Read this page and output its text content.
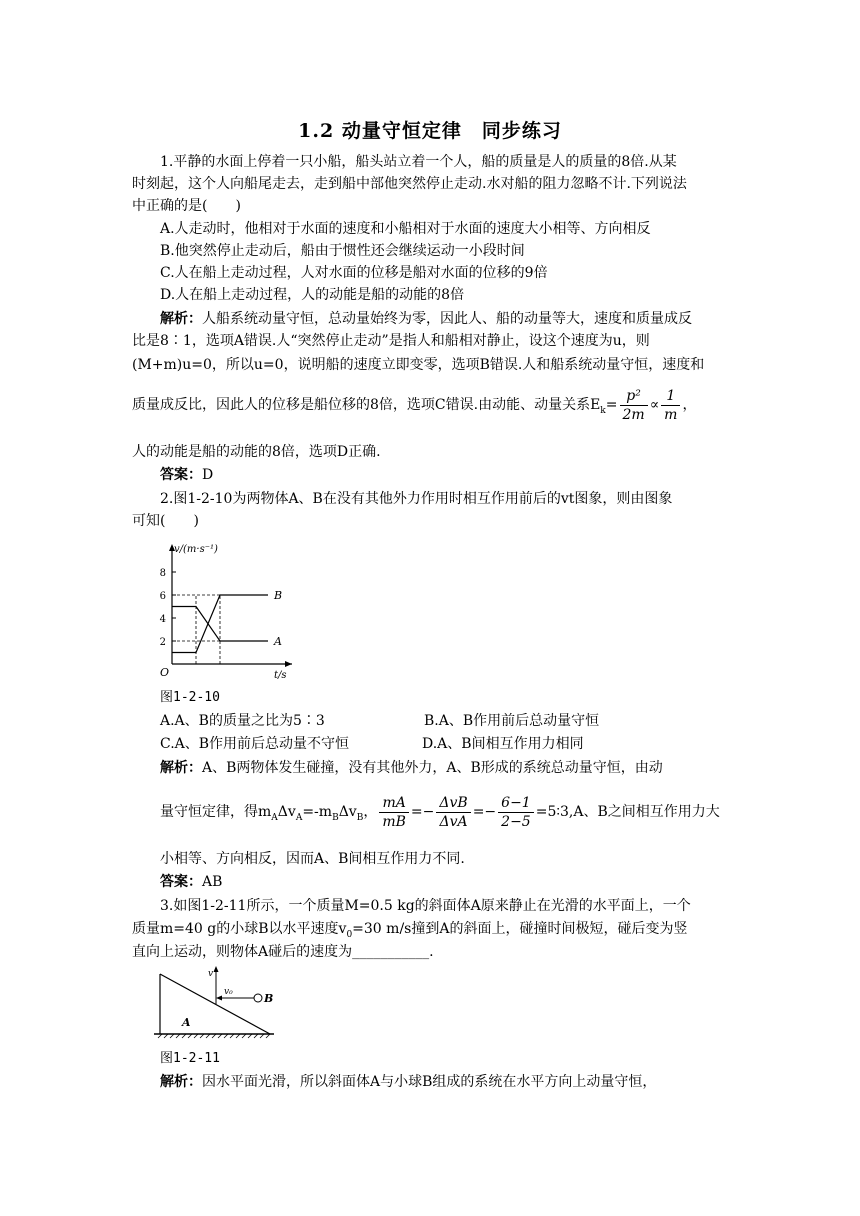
1.2 动量守恒定律　同步练习
1.平静的水面上停着一只小船，船头站立着一个人，船的质量是人的质量的8倍.从某
时刻起，这个人向船尾走去，走到船中部他突然停止走动.水对船的阻力忽略不计.下列说法
中正确的是(　　)
A.人走动时，他相对于水面的速度和小船相对于水面的速度大小相等、方向相反
B.他突然停止走动后，船由于惯性还会继续运动一小段时间
C.人在船上走动过程，人对水面的位移是船对水面的位移的9倍
D.人在船上走动过程，人的动能是船的动能的8倍
解析：人船系统动量守恒，总动量始终为零，因此人、船的动量等大，速度和质量成反
比是8∶1，选项A错误.人“突然停止走动”是指人和船相对静止，设这个速度为u，则
(M+m)u=0，所以u=0，说明船的速度立即变零，选项B错误.人和船系统动量守恒，速度和
质量成反比，因此人的位移是船位移的8倍，选项C错误.由动能、动量关系$E_k= \frac{\text{p²}}{2m} \propto \frac{1}{m}$ ，
人的动能是船的动能的8倍，选项D正确.
答案：D
2.图1-2-10为两物体A、B在没有其他外力作用时相互作用前后的vt图象，则由图象
可知(　　)
v/(m·s⁻¹)
t/s
O
2
4
6
8
A
B
图1-2-10
A.A、B的质量之比为5∶3	B.A、B作用前后总动量守恒
C.A、B作用前后总动量不守恒	D.A、B间相互作用力相同
解析：A、B两物体发生碰撞，没有其他外力，A、B形成的系统总动量守恒，由动
量守恒定律，得$m_A\Delta v_A=-m_B\Delta v_B$， $\frac{mA}{mB} =- \frac{\text{ΔvB}}{\text{ΔvA}} =- \frac{6-1}{2-5}$ =5∶3,A、B之间相互作用力大
小相等、方向相反，因而A、B间相互作用力不同.
答案：AB
3.如图1-2-11所示，一个质量M=0.5 kg的斜面体A原来静止在光滑的水平面上，一个
质量m=40 g的小球B以水平速度$v_0=30$ m/s撞到A的斜面上，碰撞时间极短，碰后变为竖
直向上运动，则物体A碰后的速度为___________.
v
v₀	B
A
图1-2-11
解析：因水平面光滑，所以斜面体A与小球B组成的系统在水平方向上动量守恒，
